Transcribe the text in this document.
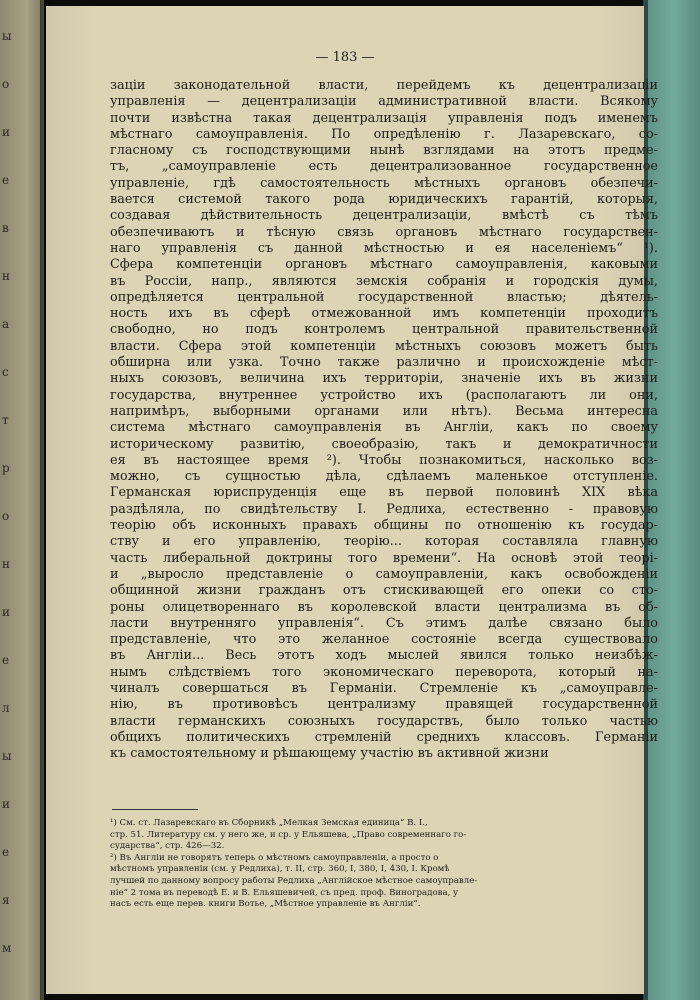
ы
о
и
е
в
н
а
с
т
р
о
н
и
е
л
ы
и
е
я
м
— 183 —
заціи законодательной власти, перейдемъ къ децентрализаціи
управленія — децентрализаціи административной власти. Всякому
почти извѣстна такая децентрализація управленія подъ именемъ
мѣстнаго самоуправленія. По опредѣленію г. Лазаревскаго, со-
гласному съ господствующими нынѣ взглядами на этотъ предме-
тъ, „самоуправленіе есть децентрализованное государственное
управленіе, гдѣ самостоятельность мѣстныхъ органовъ обезпечи-
вается системой такого рода юридическихъ гарантій, которыя,
создавая дѣйствительность децентрализаціи, вмѣстѣ съ тѣмъ
обезпечиваютъ и тѣсную связь органовъ мѣстнаго государствен-
наго управленія съ данной мѣстностью и ея населеніемъ“ ¹).
Сфера компетенціи органовъ мѣстнаго самоуправленія, каковыми
въ Россіи, напр., являются земскія собранія и городскія думы,
опредѣляется центральной государственной властью; дѣятель-
ность ихъ въ сферѣ отмежованной имъ компетенціи проходитъ
свободно, но подъ контролемъ центральной правительственной
власти. Сфера этой компетенціи мѣстныхъ союзовъ можетъ быть
обширна или узка. Точно также различно и происхожденіе мѣст-
ныхъ союзовъ, величина ихъ территоріи, значеніе ихъ въ жизни
государства, внутреннее устройство ихъ (располагаютъ ли они,
напримѣръ, выборными органами или нѣтъ). Весьма интересна
система мѣстнаго самоуправленія въ Англіи, какъ по своему
историческому развитію, своеобразію, такъ и демократичности
ея въ настоящее время ²). Чтобы познакомиться, насколько воз-
можно, съ сущностью дѣла, сдѣлаемъ маленькое отступленіе.
Германская юриспруденція еще въ первой половинѣ XIX вѣка
раздѣляла, по свидѣтельству І. Редлиха, естественно - правовую
теорію объ исконныхъ правахъ общины по отношенію къ государ-
ству и его управленію, теорію... которая составляла главную
часть либеральной доктрины того времени“. На основѣ этой теорі-
и „выросло представленіе о самоуправленіи, какъ освобожденіи
общинной жизни гражданъ отъ стискивающей его опеки со сто-
роны олицетвореннаго въ королевской власти централизма въ об-
ласти внутренняго управленія“. Съ этимъ далѣе связано было
представленіе, что это желанное состояніе всегда существовало
въ Англіи... Весь этотъ ходъ мыслей явился только неизбѣж-
нымъ слѣдствіемъ того экономическаго переворота, который на-
чиналъ совершаться въ Германіи. Стремленіе къ „самоуправле-
нію, въ противовѣсъ централизму правящей государственной
власти германскихъ союзныхъ государствъ, было только частью
общихъ политическихъ стремленій среднихъ классовъ. Германіи
къ самостоятельному и рѣшающему участію въ активной жизни
¹) См. ст. Лазаревскаго въ Сборникѣ „Мелкая Земская единица“ В. І.,
стр. 51. Литературу см. у него же, и ср. у Ельяшева, „Право современнаго го-
сударства“, стр. 426—32.
²) Въ Англіи не говорятъ теперь о мѣстномъ самоуправленіи, а просто о
мѣстномъ управленіи (см. у Редлиха), т. II, стр. 360, I, 380, I, 430, I. Кромѣ
лучшей по данному вопросу работы Редлиха „Англійское мѣстное самоуправле-
ніе“ 2 тома въ переводѣ Е. и В. Ельяшевичей, съ пред. проф. Виноградова, у
насъ есть еще перев. книги Вотье, „Мѣстное управленіе въ Англіи“.
